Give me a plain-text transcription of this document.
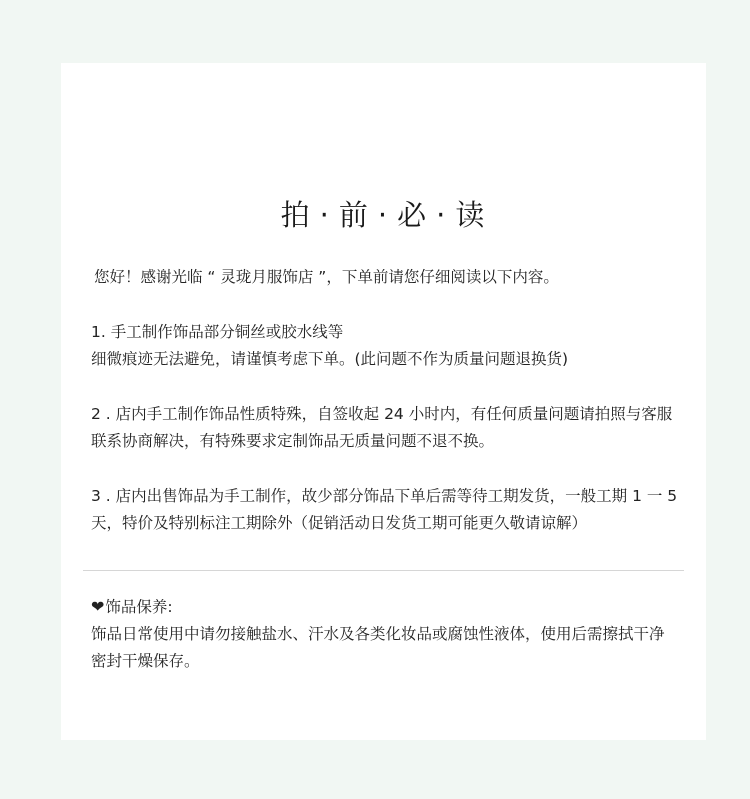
拍 · 前 · 必 · 读
您好！感谢光临 “ 灵珑月服饰店 ”，下单前请您仔细阅读以下内容。
1. 手工制作饰品部分铜丝或胶水线等
细微痕迹无法避免，请谨慎考虑下单。(此问题不作为质量问题退换货)
2 . 店内手工制作饰品性质特殊，自签收起 24 小时内，有任何质量问题请拍照与客服
联系协商解决，有特殊要求定制饰品无质量问题不退不换。
3 . 店内出售饰品为手工制作，故少部分饰品下单后需等待工期发货，一般工期 1 一 5
天，特价及特别标注工期除外（促销活动日发货工期可能更久敬请谅解）
❤饰品保养:
饰品日常使用中请勿接触盐水、汗水及各类化妆品或腐蚀性液体，使用后需擦拭干净
密封干燥保存。
